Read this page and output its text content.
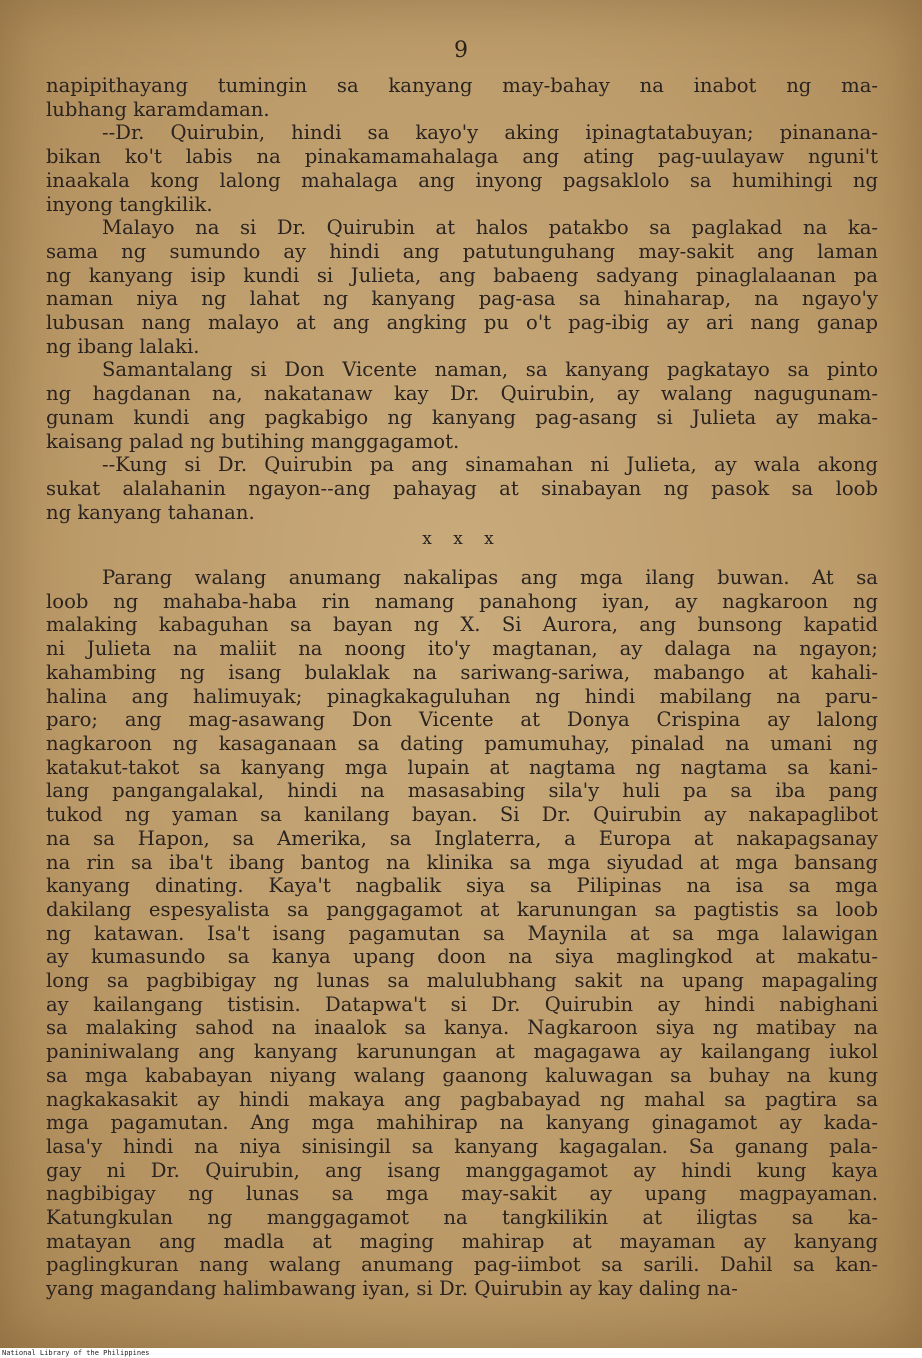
9
napipithayang tumingin sa kanyang may-bahay na inabot ng ma-
lubhang karamdaman.
--Dr. Quirubin, hindi sa kayo'y aking ipinagtatabuyan; pinanana-
bikan ko't labis na pinakamamahalaga ang ating pag-uulayaw nguni't
inaakala kong lalong mahalaga ang inyong pagsaklolo sa humihingi ng
inyong tangkilik.
Malayo na si Dr. Quirubin at halos patakbo sa paglakad na ka-
sama ng sumundo ay hindi ang patutunguhang may-sakit ang laman
ng kanyang isip kundi si Julieta, ang babaeng sadyang pinaglalaanan pa
naman niya ng lahat ng kanyang pag-asa sa hinaharap, na ngayo'y
lubusan nang malayo at ang angking pu o't pag-ibig ay ari nang ganap
ng ibang lalaki.
Samantalang si Don Vicente naman, sa kanyang pagkatayo sa pinto
ng hagdanan na, nakatanaw kay Dr. Quirubin, ay walang nagugunam-
gunam kundi ang pagkabigo ng kanyang pag-asang si Julieta ay maka-
kaisang palad ng butihing manggagamot.
--Kung si Dr. Quirubin pa ang sinamahan ni Julieta, ay wala akong
sukat alalahanin ngayon--ang pahayag at sinabayan ng pasok sa loob
ng kanyang tahanan.
x x x
Parang walang anumang nakalipas ang mga ilang buwan. At sa
loob ng mahaba-haba rin namang panahong iyan, ay nagkaroon ng
malaking kabaguhan sa bayan ng X. Si Aurora, ang bunsong kapatid
ni Julieta na maliit na noong ito'y magtanan, ay dalaga na ngayon;
kahambing ng isang bulaklak na sariwang-sariwa, mabango at kahali-
halina ang halimuyak; pinagkakaguluhan ng hindi mabilang na paru-
paro; ang mag-asawang Don Vicente at Donya Crispina ay lalong
nagkaroon ng kasaganaan sa dating pamumuhay, pinalad na umani ng
katakut-takot sa kanyang mga lupain at nagtama ng nagtama sa kani-
lang pangangalakal, hindi na masasabing sila'y huli pa sa iba pang
tukod ng yaman sa kanilang bayan. Si Dr. Quirubin ay nakapaglibot
na sa Hapon, sa Amerika, sa Inglaterra, a Europa at nakapagsanay
na rin sa iba't ibang bantog na klinika sa mga siyudad at mga bansang
kanyang dinating. Kaya't nagbalik siya sa Pilipinas na isa sa mga
dakilang espesyalista sa panggagamot at karunungan sa pagtistis sa loob
ng katawan. Isa't isang pagamutan sa Maynila at sa mga lalawigan
ay kumasundo sa kanya upang doon na siya maglingkod at makatu-
long sa pagbibigay ng lunas sa malulubhang sakit na upang mapagaling
ay kailangang tistisin. Datapwa't si Dr. Quirubin ay hindi nabighani
sa malaking sahod na inaalok sa kanya. Nagkaroon siya ng matibay na
paniniwalang ang kanyang karunungan at magagawa ay kailangang iukol
sa mga kababayan niyang walang gaanong kaluwagan sa buhay na kung
nagkakasakit ay hindi makaya ang pagbabayad ng mahal sa pagtira sa
mga pagamutan. Ang mga mahihirap na kanyang ginagamot ay kada-
lasa'y hindi na niya sinisingil sa kanyang kagagalan. Sa ganang pala-
gay ni Dr. Quirubin, ang isang manggagamot ay hindi kung kaya
nagbibigay ng lunas sa mga may-sakit ay upang magpayaman.
Katungkulan ng manggagamot na tangkilikin at iligtas sa ka-
matayan ang madla at maging mahirap at mayaman ay kanyang
paglingkuran nang walang anumang pag-iimbot sa sarili. Dahil sa kan-
yang magandang halimbawang iyan, si Dr. Quirubin ay kay daling na-
National Library of the Philippines
